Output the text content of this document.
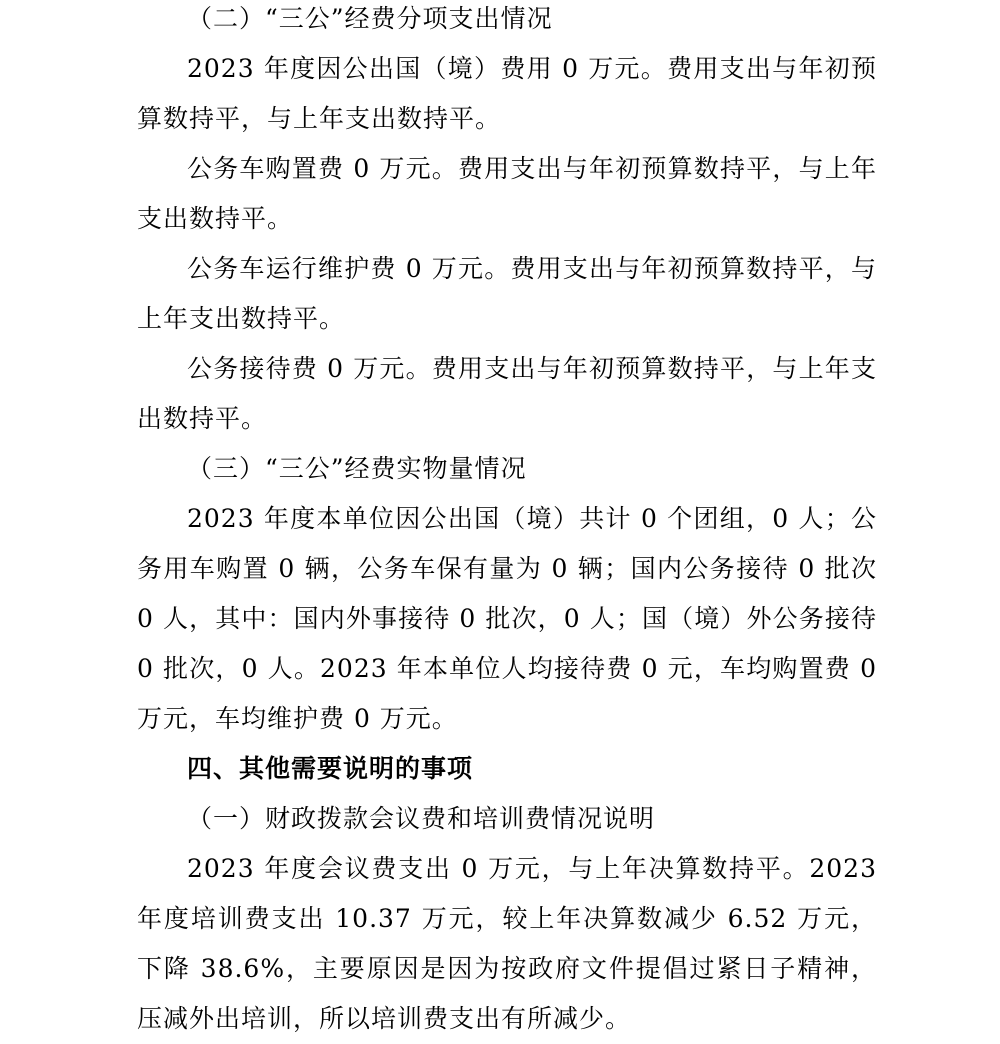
（二）“三公”经费分项支出情况

2023 年度因公出国（境）费用 0 万元。费用支出与年初预算数持平，与上年支出数持平。

公务车购置费 0 万元。费用支出与年初预算数持平，与上年支出数持平。

公务车运行维护费 0 万元。费用支出与年初预算数持平，与上年支出数持平。

公务接待费 0 万元。费用支出与年初预算数持平，与上年支出数持平。

（三）“三公”经费实物量情况

2023 年度本单位因公出国（境）共计 0 个团组，0 人；公务用车购置 0 辆，公务车保有量为 0 辆；国内公务接待 0 批次 0 人，其中：国内外事接待 0 批次，0 人；国（境）外公务接待 0 批次，0 人。2023 年本单位人均接待费 0 元，车均购置费 0 万元，车均维护费 0 万元。

四、其他需要说明的事项
（一）财政拨款会议费和培训费情况说明

2023 年度会议费支出 0 万元，与上年决算数持平。2023 年度培训费支出 10.37 万元，较上年决算数减少 6.52 万元，下降 38.6%，主要原因是因为按政府文件提倡过紧日子精神，压减外出培训，所以培训费支出有所减少。
